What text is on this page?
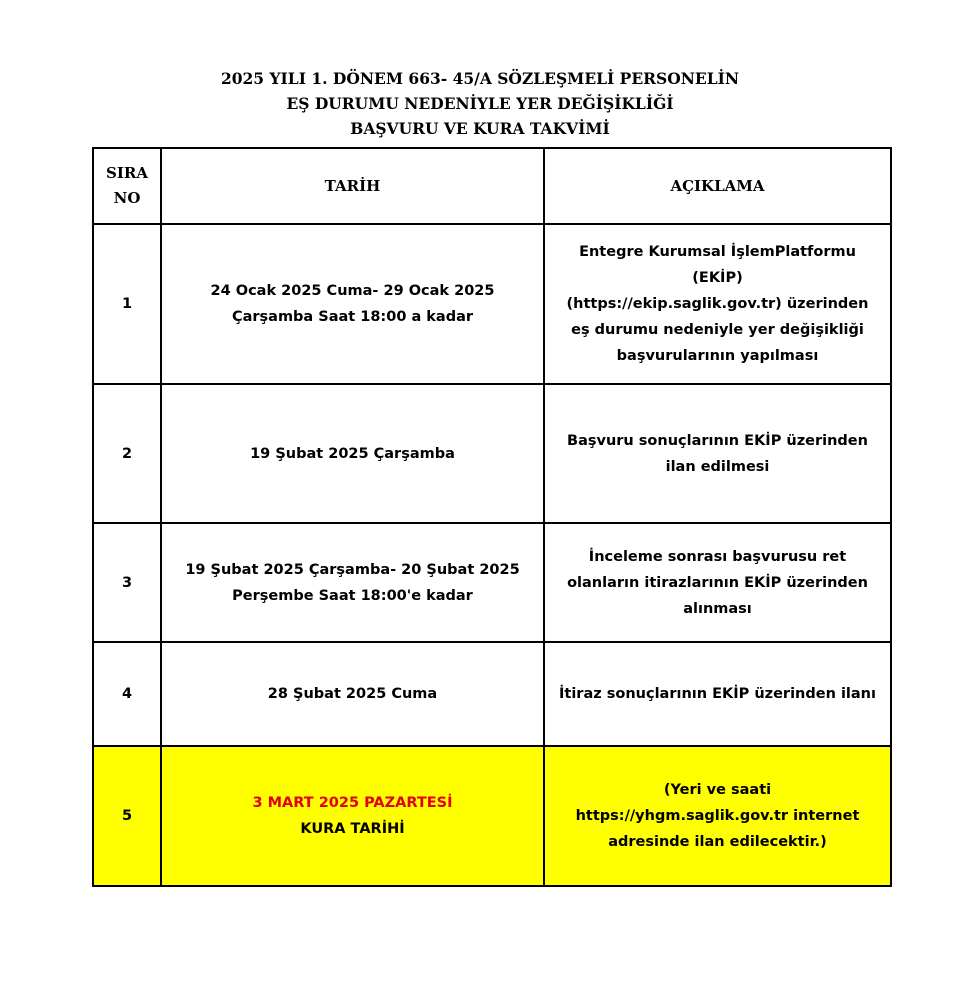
2025 YILI 1. DÖNEM 663- 45/A SÖZLEŞMELİ PERSONELİN
EŞ DURUMU NEDENİYLE YER DEĞİŞİKLİĞİ
BAŞVURU VE KURA TAKVİMİ
SIRA
NO	TARİH	AÇIKLAMA
1	24 Ocak 2025 Cuma- 29 Ocak 2025
Çarşamba Saat 18:00 a kadar	Entegre Kurumsal İşlemPlatformu
(EKİP)
(https://ekip.saglik.gov.tr) üzerinden
eş durumu nedeniyle yer değişikliği
başvurularının yapılması

2	19 Şubat 2025 Çarşamba	Başvuru sonuçlarının EKİP üzerinden
ilan edilmesi

3	19 Şubat 2025 Çarşamba- 20 Şubat 2025
Perşembe Saat 18:00'e kadar	İnceleme sonrası başvurusu ret
olanların itirazlarının EKİP üzerinden
alınması

4	28 Şubat 2025 Cuma	İtiraz sonuçlarının EKİP üzerinden ilanı

5	3 MART 2025 PAZARTESİ
KURA TARİHİ	(Yeri ve saati
https://yhgm.saglik.gov.tr internet
adresinde ilan edilecektir.)
